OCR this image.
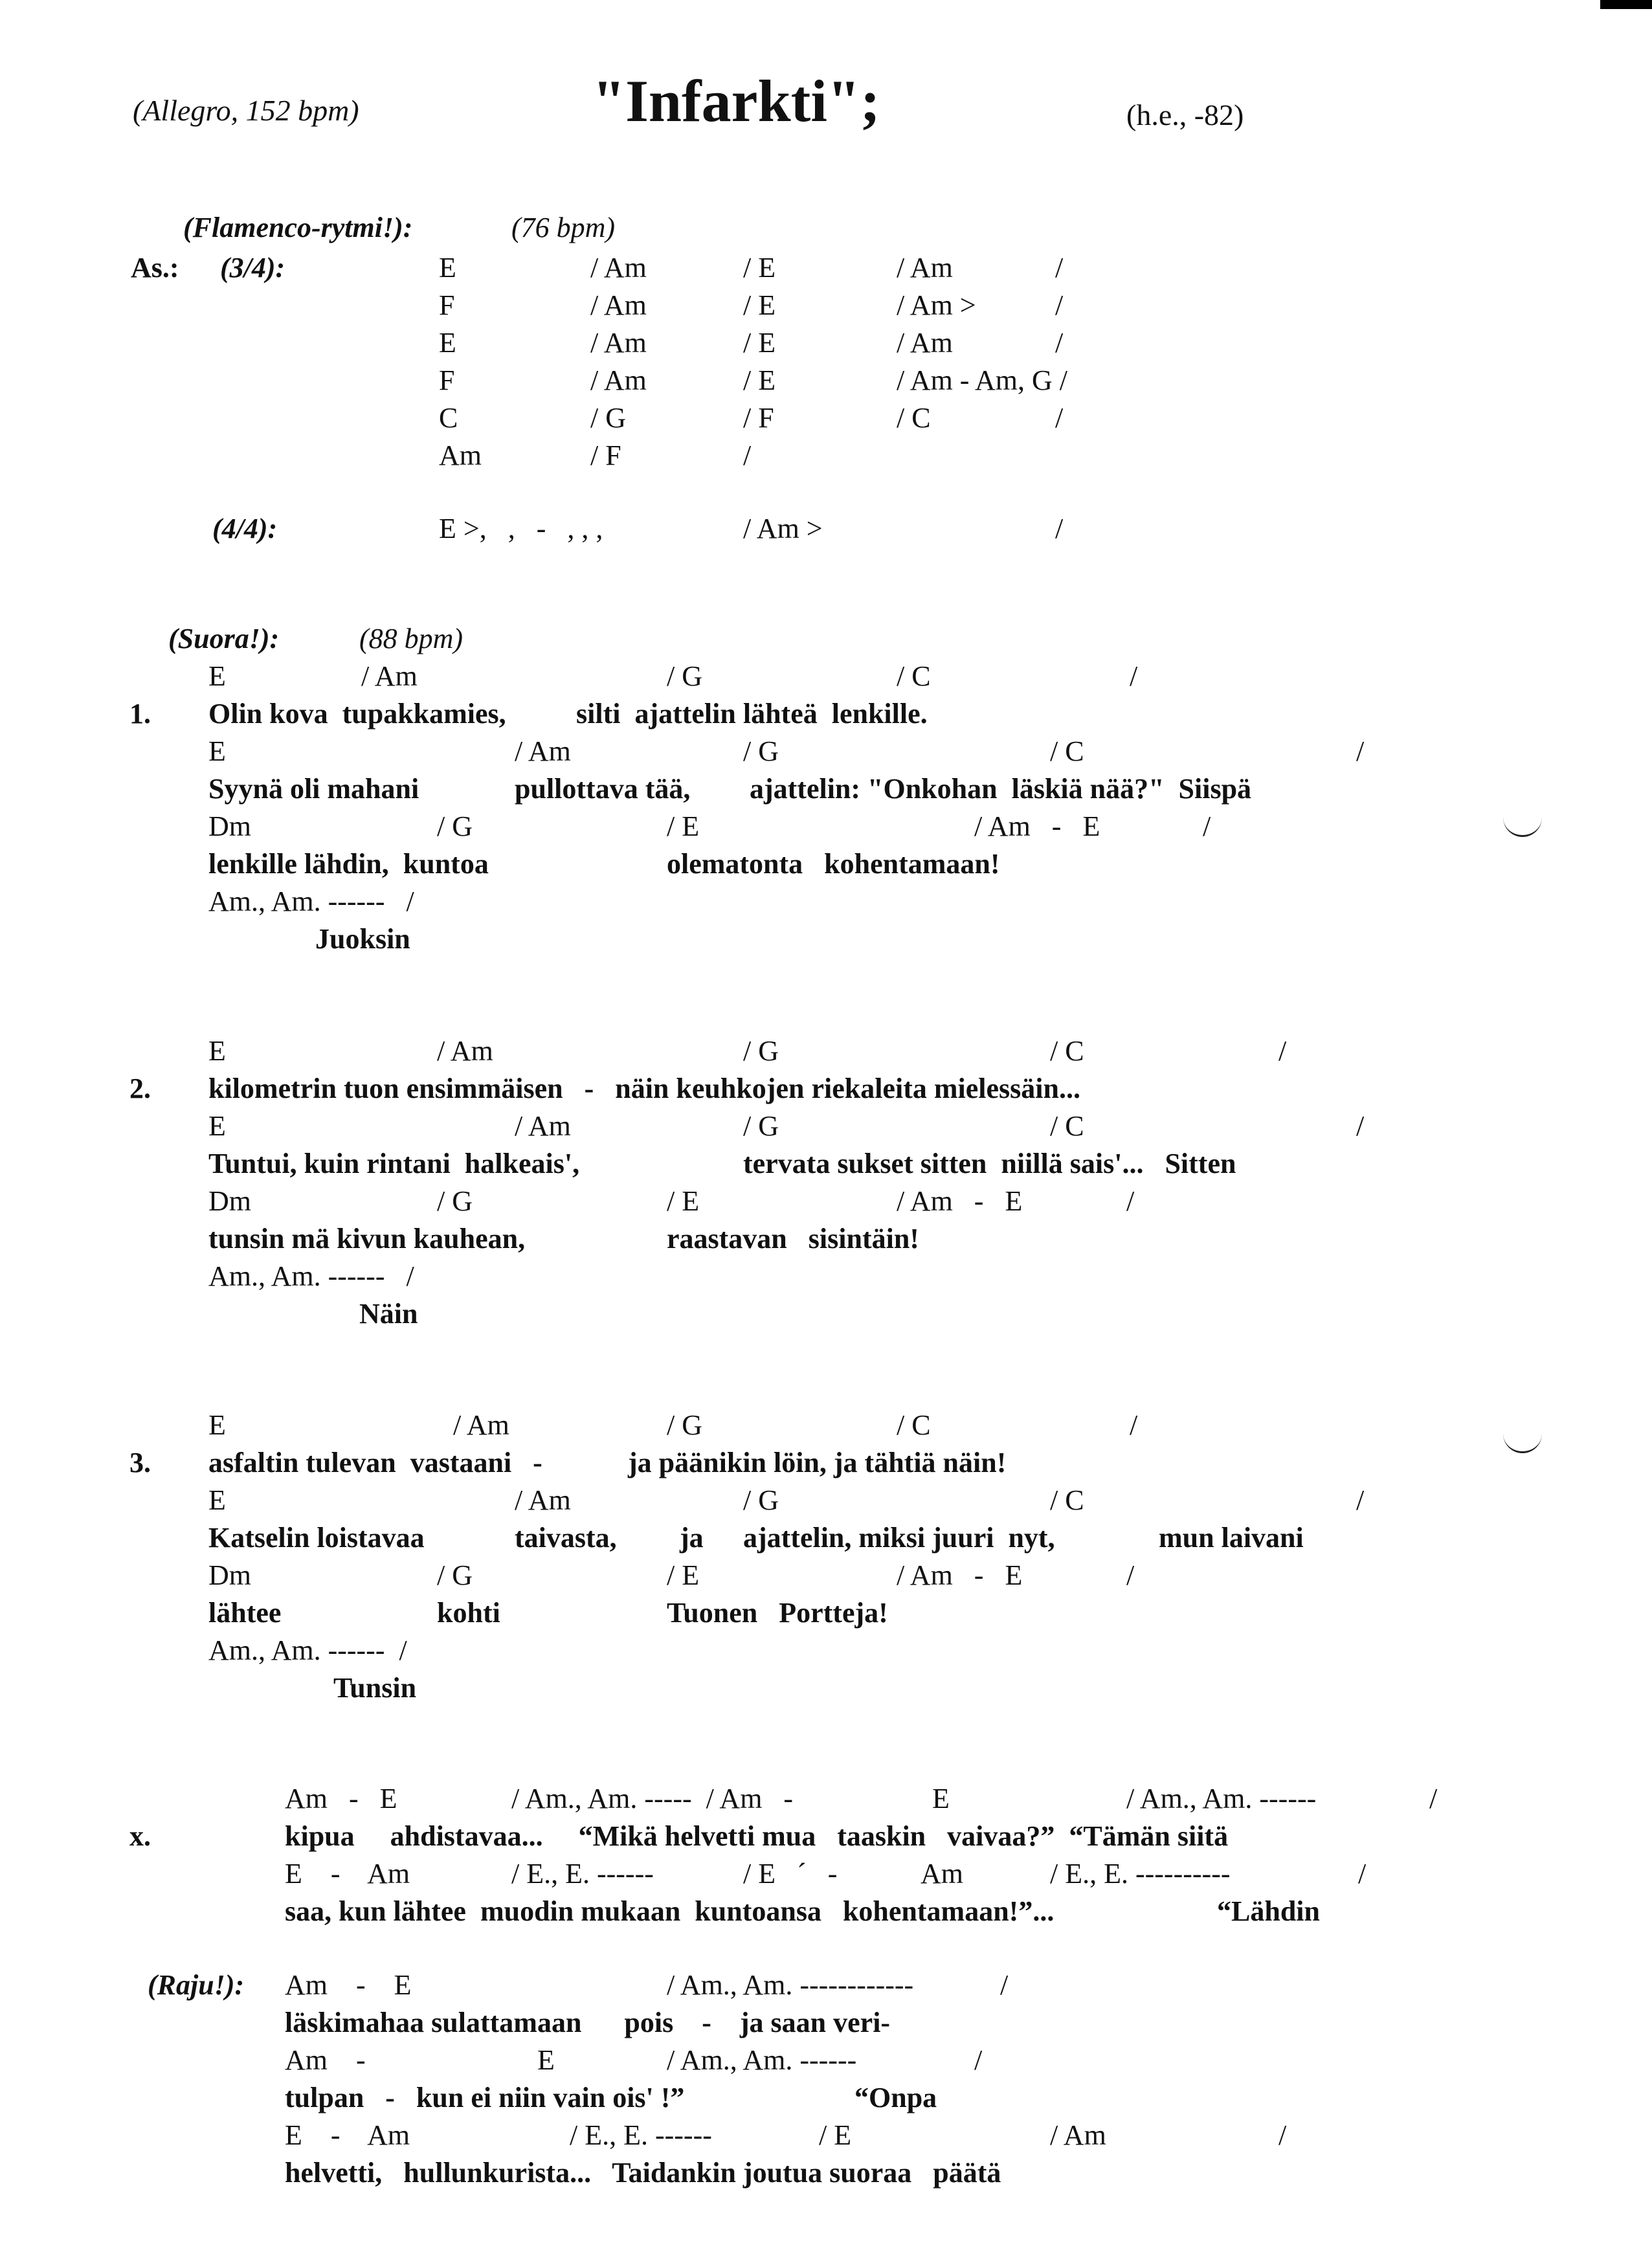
(Allegro, 152 bpm)	"Infarkti";	(h.e., -82)
(Flamenco-rytmi!):	(76 bpm)
As.: (3/4):	E	/ Am	/ E	/ Am	/
F	/ Am	/ E	/ Am >	/
E	/ Am	/ E	/ Am	/
F	/ Am	/ E	/ Am - Am, G /
C	/ G	/ F	/ C	/
Am	/ F	/
(4/4):	E >,   ,   -   , , ,	/ Am >	/
(Suora!):	(88 bpm)
E	/ Am	/ G	/ C	/
1. Olin kova  tupakkamies, silti  ajattelin lähteä  lenkille.
E	/ Am	/ G	/ C	/
Syynä oli mahani	pullottava tää, ajattelin: "Onkohan  läskiä nää?"  Siispä
Dm	/ G	/ E	/ Am   -   E	/
lenkille lähdin,  kuntoa	olematonta   kohentamaan!
Am., Am. ------   /
Juoksin
E	/ Am	/ G	/ C	/
2. kilometrin tuon ensimmäisen   -   näin keuhkojen riekaleita mielessäin...
E	/ Am	/ G	/ C	/
Tuntui, kuin rintani  halkeais',	tervata sukset sitten  niillä sais'...   Sitten
Dm	/ G	/ E	/ Am   -   E	/
tunsin mä kivun kauhean,	raastavan   sisintäin!
Am., Am. ------   /
Näin
E	/ Am	/ G	/ C	/
3. asfaltin tulevan  vastaani   -	ja päänikin löin, ja tähtiä näin!
E	/ Am	/ G	/ C	/
Katselin loistavaa	taivasta, ja ajattelin, miksi juuri  nyt,	mun laivani
Dm	/ G	/ E	/ Am   -   E	/
lähtee	kohti	Tuonen   Portteja!
Am., Am. ------  /
Tunsin
Am   -   E	/ Am., Am. -----  / Am   -	E	/ Am., Am. ------	/
x.	kipua     ahdistavaa...     “Mikä helvetti mua   taaskin   vaivaa?”  “Tämän siitä
E    -    Am	/ E., E. ------	/ E   ´   -	Am	/ E., E. ----------	/
saa, kun lähtee  muodin mukaan  kuntoansa   kohentamaan!”...	“Lähdin
(Raju!): Am    -    E	/ Am., Am. ------------	/
läskimahaa sulattamaan      pois    -    ja saan veri-
Am    -	E	/ Am., Am. ------	/
tulpan   -   kun ei niin vain ois' !”	“Onpa
E    -    Am	/ E., E. ------	/ E	/ Am	/
helvetti,   hullunkurista...   Taidankin joutua suoraa   päätä
